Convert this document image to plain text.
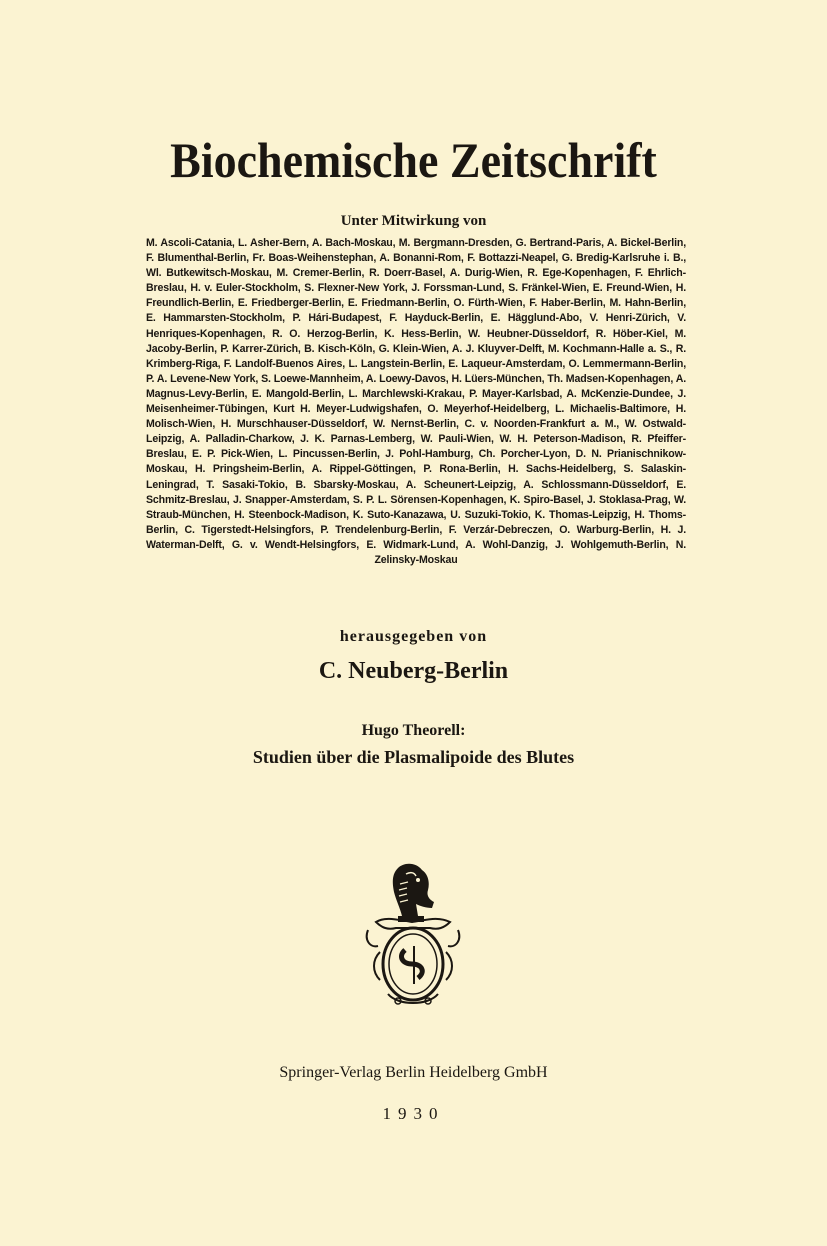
Biochemische Zeitschrift
Unter Mitwirkung von
M. Ascoli-Catania, L. Asher-Bern, A. Bach-Moskau, M. Bergmann-Dresden, G. Bertrand-Paris, A. Bickel-Berlin, F. Blumenthal-Berlin, Fr. Boas-Weihenstephan, A. Bonanni-Rom, F. Bottazzi-Neapel, G. Bredig-Karlsruhe i. B., Wl. Butkewitsch-Moskau, M. Cremer-Berlin, R. Doerr-Basel, A. Durig-Wien, R. Ege-Kopenhagen, F. Ehrlich-Breslau, H. v. Euler-Stockholm, S. Flexner-New York, J. Forssman-Lund, S. Fränkel-Wien, E. Freund-Wien, H. Freundlich-Berlin, E. Friedberger-Berlin, E. Friedmann-Berlin, O. Fürth-Wien, F. Haber-Berlin, M. Hahn-Berlin, E. Hammarsten-Stockholm, P. Hári-Budapest, F. Hayduck-Berlin, E. Hägglund-Abo, V. Henri-Zürich, V. Henriques-Kopenhagen, R. O. Herzog-Berlin, K. Hess-Berlin, W. Heubner-Düsseldorf, R. Höber-Kiel, M. Jacoby-Berlin, P. Karrer-Zürich, B. Kisch-Köln, G. Klein-Wien, A. J. Kluyver-Delft, M. Kochmann-Halle a. S., R. Krimberg-Riga, F. Landolf-Buenos Aires, L. Langstein-Berlin, E. Laqueur-Amsterdam, O. Lemmermann-Berlin, P. A. Levene-New York, S. Loewe-Mannheim, A. Loewy-Davos, H. Lüers-München, Th. Madsen-Kopenhagen, A. Magnus-Levy-Berlin, E. Mangold-Berlin, L. Marchlewski-Krakau, P. Mayer-Karlsbad, A. McKenzie-Dundee, J. Meisenheimer-Tübingen, Kurt H. Meyer-Ludwigshafen, O. Meyerhof-Heidelberg, L. Michaelis-Baltimore, H. Molisch-Wien, H. Murschhauser-Düsseldorf, W. Nernst-Berlin, C. v. Noorden-Frankfurt a. M., W. Ostwald-Leipzig, A. Palladin-Charkow, J. K. Parnas-Lemberg, W. Pauli-Wien, W. H. Peterson-Madison, R. Pfeiffer-Breslau, E. P. Pick-Wien, L. Pincussen-Berlin, J. Pohl-Hamburg, Ch. Porcher-Lyon, D. N. Prianischnikow-Moskau, H. Pringsheim-Berlin, A. Rippel-Göttingen, P. Rona-Berlin, H. Sachs-Heidelberg, S. Salaskin-Leningrad, T. Sasaki-Tokio, B. Sbarsky-Moskau, A. Scheunert-Leipzig, A. Schlossmann-Düsseldorf, E. Schmitz-Breslau, J. Snapper-Amsterdam, S. P. L. Sörensen-Kopenhagen, K. Spiro-Basel, J. Stoklasa-Prag, W. Straub-München, H. Steenbock-Madison, K. Suto-Kanazawa, U. Suzuki-Tokio, K. Thomas-Leipzig, H. Thoms-Berlin, C. Tigerstedt-Helsingfors, P. Trendelenburg-Berlin, F. Verzár-Debreczen, O. Warburg-Berlin, H. J. Waterman-Delft, G. v. Wendt-Helsingfors, E. Widmark-Lund, A. Wohl-Danzig, J. Wohlgemuth-Berlin, N. Zelinsky-Moskau
herausgegeben von
C. Neuberg-Berlin
Hugo Theorell:
Studien über die Plasmalipoide des Blutes
Springer-Verlag Berlin Heidelberg GmbH
1930
